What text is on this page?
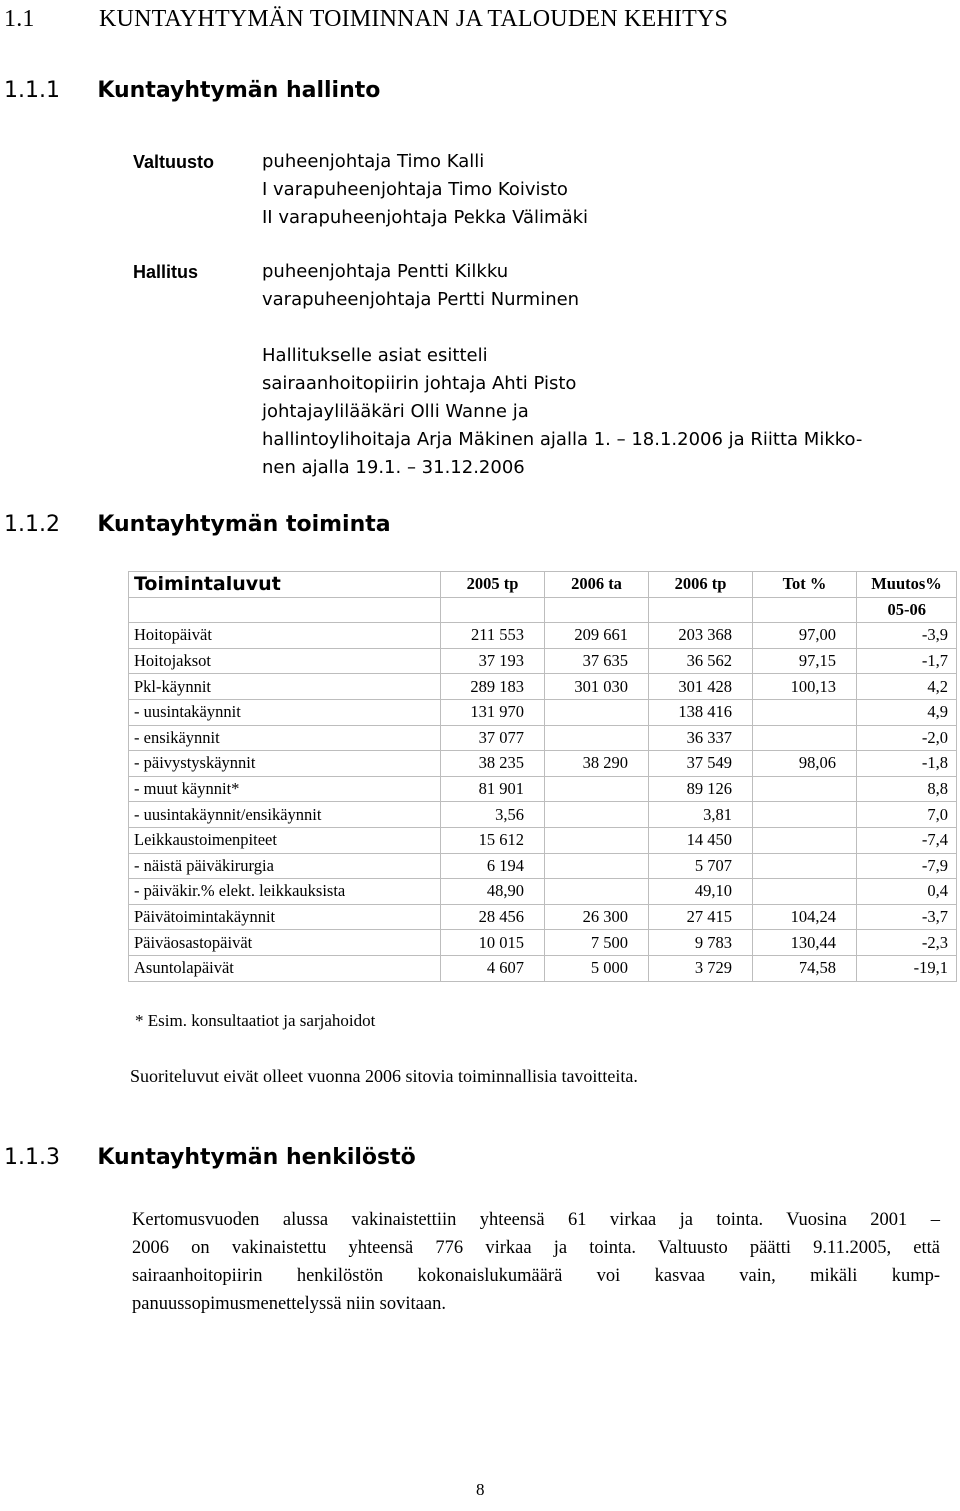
1.1	KUNTAYHTYMÄN TOIMINNAN JA TALOUDEN KEHITYS
1.1.1 Kuntayhtymän hallinto
Valtuusto	puheenjohtaja Timo Kalli
I varapuheenjohtaja Timo Koivisto
II varapuheenjohtaja Pekka Välimäki
Hallitus	puheenjohtaja Pentti Kilkku
varapuheenjohtaja Pertti Nurminen
Hallitukselle asiat esitteli
sairaanhoitopiirin johtaja Ahti Pisto
johtajaylilääkäri Olli Wanne ja
hallintoylihoitaja Arja Mäkinen ajalla 1. – 18.1.2006 ja Riitta Mikko-
nen ajalla 19.1. – 31.12.2006
1.1.2 Kuntayhtymän toiminta
Toimintaluvut	2005 tp	2006 ta	2006 tp	Tot %	Muutos%
					05-06
Hoitopäivät	211 553	209 661	203 368	97,00	-3,9
Hoitojaksot	37 193	37 635	36 562	97,15	-1,7
Pkl-käynnit	289 183	301 030	301 428	100,13	4,2
- uusintakäynnit	131 970		138 416		4,9
- ensikäynnit	37 077		36 337		-2,0
- päivystyskäynnit	38 235	38 290	37 549	98,06	-1,8
- muut käynnit*	81 901		89 126		8,8
- uusintakäynnit/ensikäynnit	3,56		3,81		7,0
Leikkaustoimenpiteet	15 612		14 450		-7,4
- näistä päiväkirurgia	6 194		5 707		-7,9
- päiväkir.% elekt. leikkauksista	48,90		49,10		0,4
Päivätoimintakäynnit	28 456	26 300	27 415	104,24	-3,7
Päiväosastopäivät	10 015	7 500	9 783	130,44	-2,3
Asuntolapäivät	4 607	5 000	3 729	74,58	-19,1
* Esim. konsultaatiot ja sarjahoidot
Suoriteluvut eivät olleet vuonna 2006 sitovia toiminnallisia tavoitteita.
1.1.3 Kuntayhtymän henkilöstö
Kertomusvuoden alussa vakinaistettiin yhteensä 61 virkaa ja tointa. Vuosina 2001 –
2006 on vakinaistettu yhteensä 776 virkaa ja tointa. Valtuusto päätti 9.11.2005, että
sairaanhoitopiirin henkilöstön kokonaislukumäärä voi kasvaa vain, mikäli kump-
panuussopimusmenettelyssä niin sovitaan.
8
